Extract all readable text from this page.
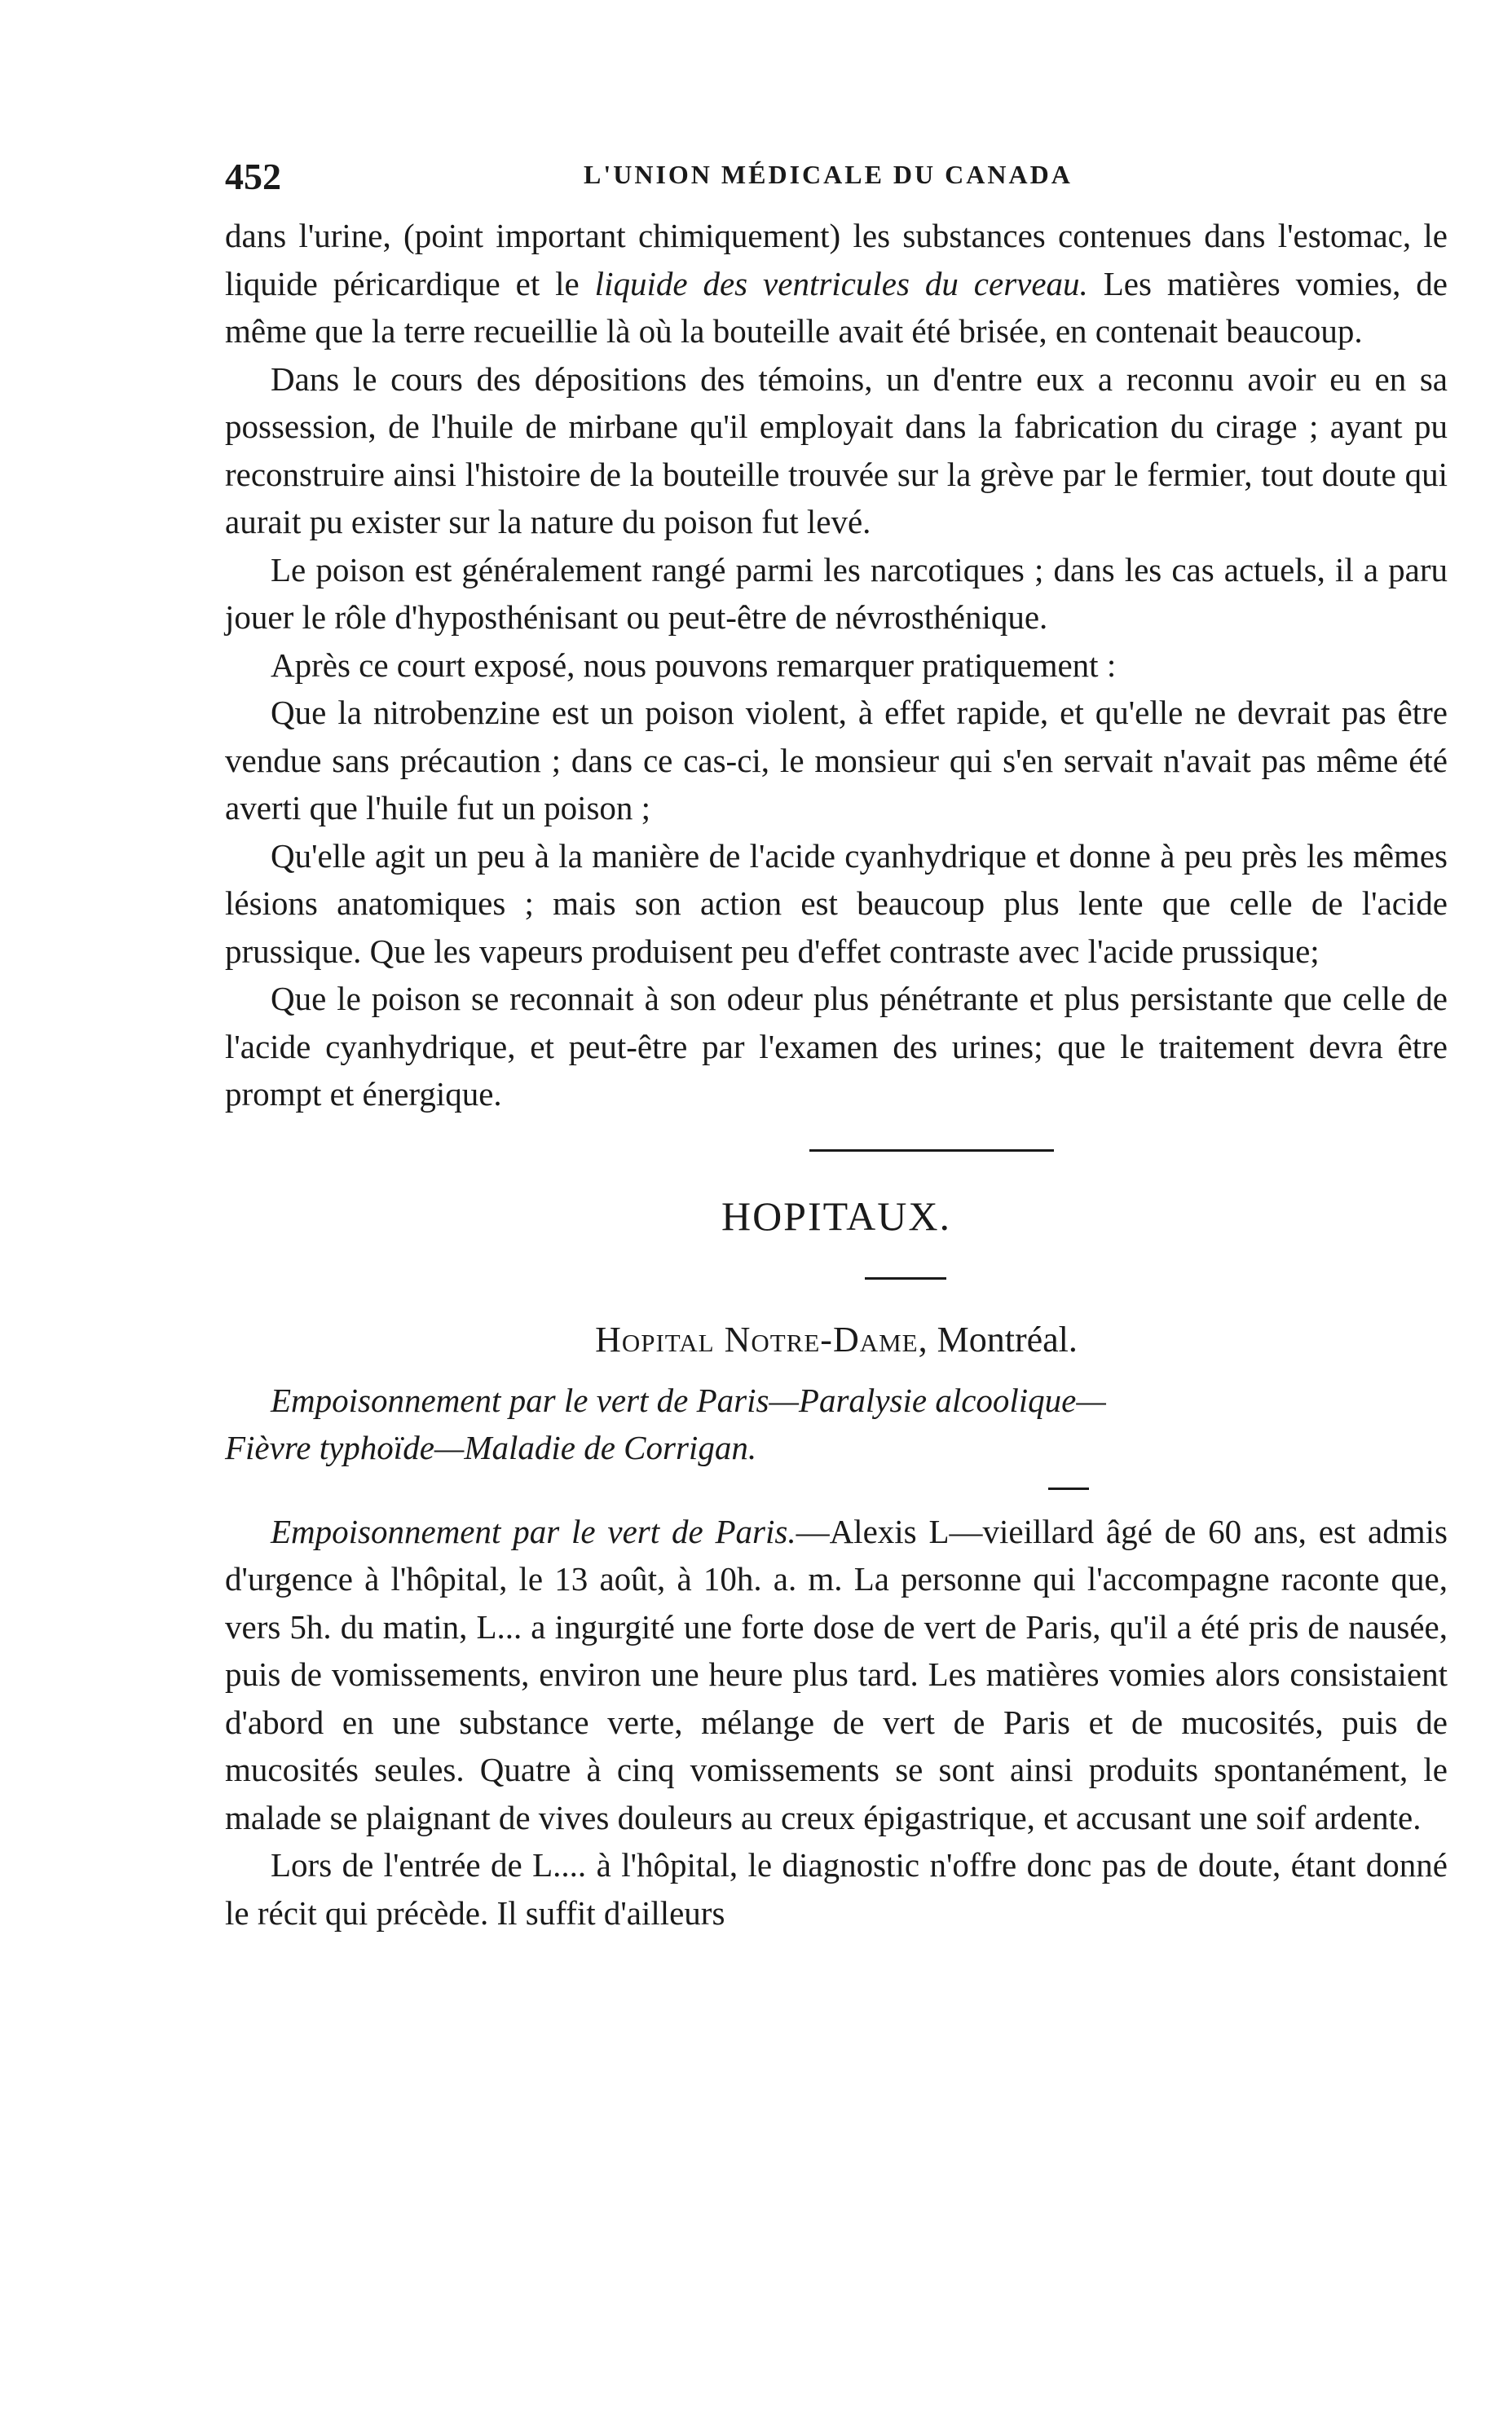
452	L'UNION MÉDICALE DU CANADA

dans l'urine, (point important chimiquement) les substances contenues dans l'estomac, le liquide péricardique et le liquide des ventricules du cerveau. Les matières vomies, de même que la terre recueillie là où la bouteille avait été brisée, en contenait beaucoup.

Dans le cours des dépositions des témoins, un d'entre eux a reconnu avoir eu en sa possession, de l'huile de mirbane qu'il employait dans la fabrication du cirage ; ayant pu reconstruire ainsi l'histoire de la bouteille trouvée sur la grève par le fermier, tout doute qui aurait pu exister sur la nature du poison fut levé.

Le poison est généralement rangé parmi les narcotiques ; dans les cas actuels, il a paru jouer le rôle d'hyposthénisant ou peut-être de névrosthénique.

Après ce court exposé, nous pouvons remarquer pratiquement :

Que la nitrobenzine est un poison violent, à effet rapide, et qu'elle ne devrait pas être vendue sans précaution ; dans ce cas-ci, le monsieur qui s'en servait n'avait pas même été averti que l'huile fut un poison ;

Qu'elle agit un peu à la manière de l'acide cyanhydrique et donne à peu près les mêmes lésions anatomiques ; mais son action est beaucoup plus lente que celle de l'acide prussique. Que les vapeurs produisent peu d'effet contraste avec l'acide prussique;

Que le poison se reconnait à son odeur plus pénétrante et plus persistante que celle de l'acide cyanhydrique, et peut-être par l'examen des urines; que le traitement devra être prompt et énergique.

HOPITAUX.
Hopital Notre-Dame, Montréal.

Empoisonnement par le vert de Paris—Paralysie alcoolique—

Fièvre typhoïde—Maladie de Corrigan.

Empoisonnement par le vert de Paris.—Alexis L—vieillard âgé de 60 ans, est admis d'urgence à l'hôpital, le 13 août, à 10h. a. m. La personne qui l'accompagne raconte que, vers 5h. du matin, L... a ingurgité une forte dose de vert de Paris, qu'il a été pris de nausée, puis de vomissements, environ une heure plus tard. Les matières vomies alors consistaient d'abord en une substance verte, mélange de vert de Paris et de mucosités, puis de mucosités seules. Quatre à cinq vomissements se sont ainsi produits spontanément, le malade se plaignant de vives douleurs au creux épigastrique, et accusant une soif ardente.

Lors de l'entrée de L.... à l'hôpital, le diagnostic n'offre donc pas de doute, étant donné le récit qui précède. Il suffit d'ailleurs
